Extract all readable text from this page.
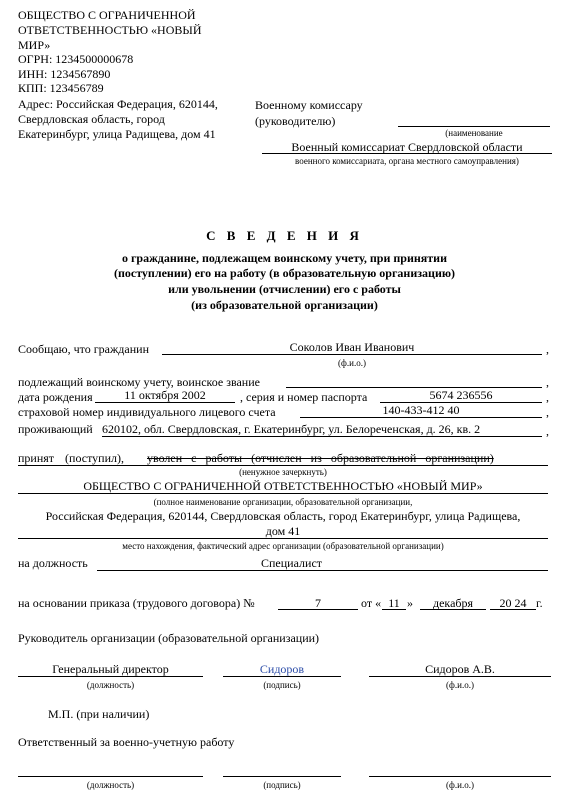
ОБЩЕСТВО С ОГРАНИЧЕННОЙ
ОТВЕТСТВЕННОСТЬЮ «НОВЫЙ
МИР»
ОГРН: 1234500000678
ИНН: 1234567890
КПП: 123456789
Адрес: Российская Федерация, 620144,
Свердловская область, город
Екатеринбург, улица Радищева, дом 41
Военному комиссару
(руководителю)
(наименование
Военный комиссариат Свердловской области
военного комиссариата, органа местного самоуправления)
С В Е Д Е Н И Я
о гражданине, подлежащем воинскому учету, при принятии
(поступлении) его на работу (в образовательную организацию)
или увольнении (отчислении) его с работы
(из образовательной организации)
Сообщаю, что гражданин	Соколов Иван Иванович	,
(ф.и.о.)
подлежащий воинскому учету, воинское звание	,
дата рождения	11 октября 2002	, серия и номер паспорта	5674 236556	,
страховой номер индивидуального лицевого счета	140-433-412 40	,
проживающий 620102, обл. Свердловская, г. Екатеринбург, ул. Белореченская, д. 26, кв. 2	,
принят (поступил), уволен с работы (отчислен из образовательной организации)
(ненужное зачеркнуть)
ОБЩЕСТВО С ОГРАНИЧЕННОЙ ОТВЕТСТВЕННОСТЬЮ «НОВЫЙ МИР»
(полное наименование организации, образовательной организации,
Российская Федерация, 620144, Свердловская область, город Екатеринбург, улица Радищева,
дом 41
место нахождения, фактический адрес организации (образовательной организации)
на должность	Специалист
на основании приказа (трудового договора) №	7	от « 11 »	декабря	20 24 г.
Руководитель организации (образовательной организации)
Генеральный директор
(должность)
Сидоров
(подпись)
Сидоров А.В.
(ф.и.о.)
М.П. (при наличии)
Ответственный за военно-учетную работу
(должность)	(подпись)	(ф.и.о.)
